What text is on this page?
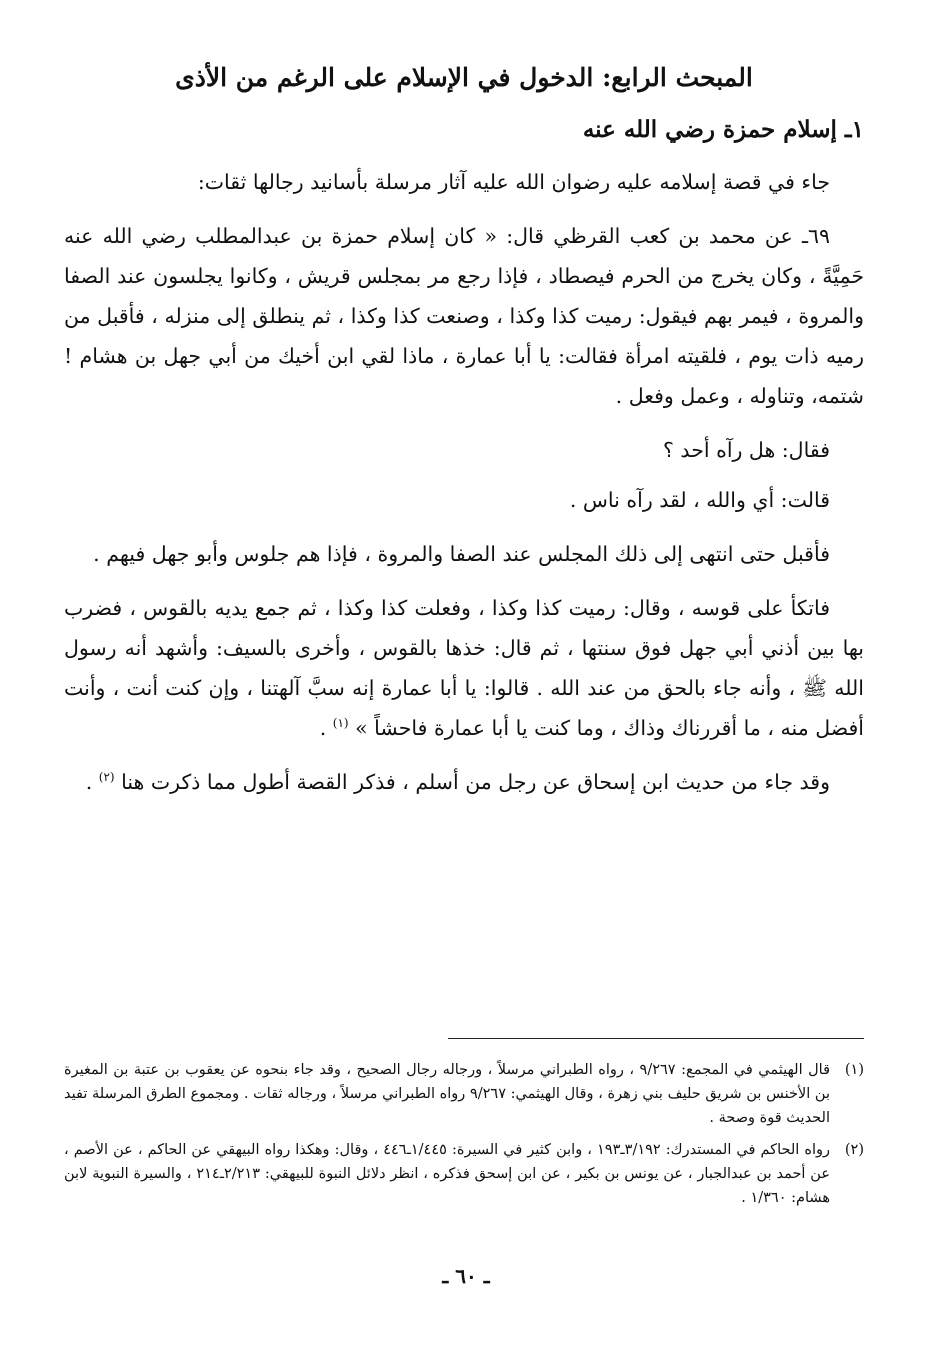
المبحث الرابع: الدخول في الإسلام على الرغم من الأذى
١ـ إسلام حمزة رضي الله عنه

جاء في قصة إسلامه عليه رضوان الله عليه آثار مرسلة بأسانيد رجالها ثقات:

٦٩ـ عن محمد بن كعب القرظي قال: « كان إسلام حمزة بن عبدالمطلب رضي الله عنه حَمِيَّةً ، وكان يخرج من الحرم فيصطاد ، فإذا رجع مر بمجلس قريش ، وكانوا يجلسون عند الصفا والمروة ، فيمر بهم فيقول: رميت كذا وكذا ، وصنعت كذا وكذا ، ثم ينطلق إلى منزله ، فأقبل من رميه ذات يوم ، فلقيته امرأة فقالت: يا أبا عمارة ، ماذا لقي ابن أخيك من أبي جهل بن هشام ! شتمه، وتناوله ، وعمل وفعل .

فقال: هل رآه أحد ؟

قالت: أي والله ، لقد رآه ناس .

فأقبل حتى انتهى إلى ذلك المجلس عند الصفا والمروة ، فإذا هم جلوس وأبو جهل فيهم .

فاتكأ على قوسه ، وقال: رميت كذا وكذا ، وفعلت كذا وكذا ، ثم جمع يديه بالقوس ، فضرب بها بين أذني أبي جهل فوق سنتها ، ثم قال: خذها بالقوس ، وأخرى بالسيف: وأشهد أنه رسول الله ﷺ ، وأنه جاء بالحق من عند الله . قالوا: يا أبا عمارة إنه سبَّ آلهتنا ، وإن كنت أنت ، وأنت أفضل منه ، ما أقررناك وذاك ، وما كنت يا أبا عمارة فاحشاً » $^{(١)}$ .

وقد جاء من حديث ابن إسحاق عن رجل من أسلم ، فذكر القصة أطول مما ذكرت هنا $^{(٢)}$ .

(١)
قال الهيثمي في المجمع: ٩/٢٦٧ ، رواه الطبراني مرسلاً ، ورجاله رجال الصحيح ، وقد جاء بنحوه عن يعقوب بن عتبة بن المغيرة بن الأخنس بن شريق حليف بني زهرة ، وقال الهيثمي: ٩/٢٦٧ رواه الطبراني مرسلاً ، ورجاله ثقات . ومجموع الطرق المرسلة تفيد الحديث قوة وصحة .
(٢)
رواه الحاكم في المستدرك: ٣/١٩٢ـ١٩٣ ، وابن كثير في السيرة: ١/٤٤٥ـ٤٤٦ ، وقال: وهكذا رواه البيهقي عن الحاكم ، عن الأصم ، عن أحمد بن عبدالجبار ، عن يونس بن بكير ، عن ابن إسحق فذكره ، انظر دلائل النبوة للبيهقي: ٢/٢١٣ـ٢١٤ ، والسيرة النبوية لابن هشام: ١/٣٦٠ .
ـ ٦٠ ـ
